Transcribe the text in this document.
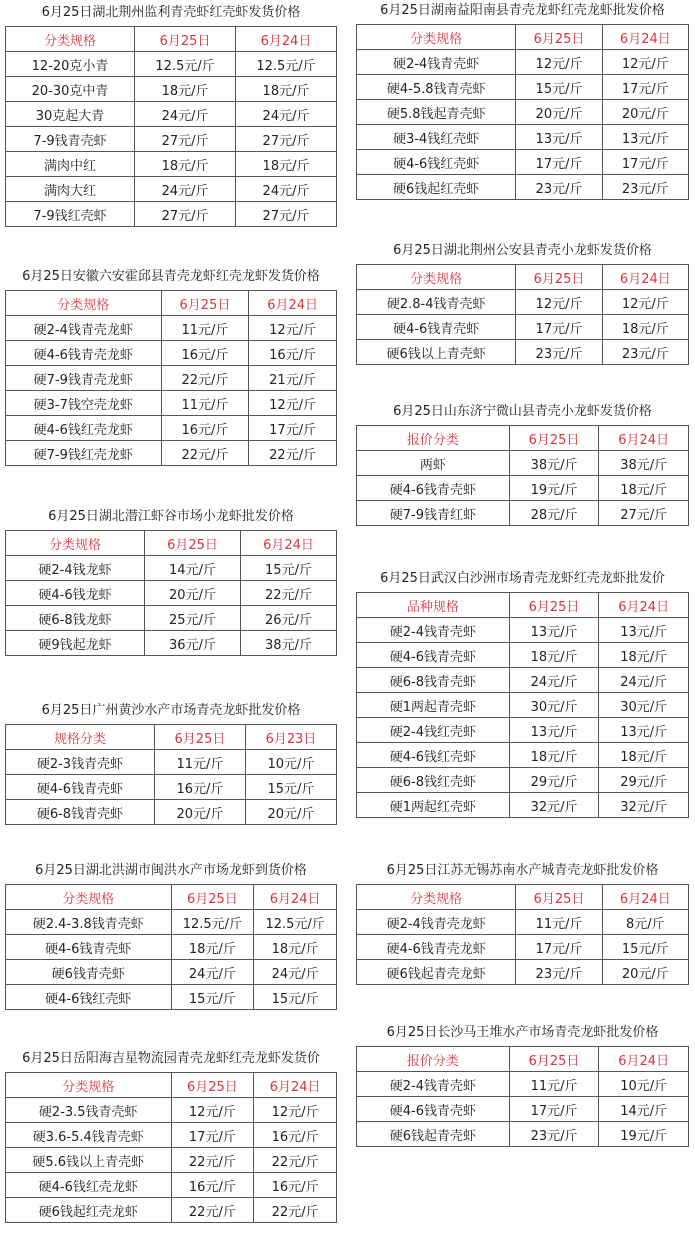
6月25日湖北荆州监利青壳虾红壳虾发货价格
分类规格	6月25日	6月24日
12-20克小青	12.5元/斤	12.5元/斤
20-30克中青	18元/斤	18元/斤
30克起大青	24元/斤	24元/斤
7-9钱青壳虾	27元/斤	27元/斤
满肉中红	18元/斤	18元/斤
满肉大红	24元/斤	24元/斤
7-9钱红壳虾	27元/斤	27元/斤
6月25日安徽六安霍邱县青壳龙虾红壳龙虾发货价格
分类规格	6月25日	6月24日
硬2-4钱青壳龙虾	11元/斤	12元/斤
硬4-6钱青壳龙虾	16元/斤	16元/斤
硬7-9钱青壳龙虾	22元/斤	21元/斤
硬3-7钱空壳龙虾	11元/斤	12元/斤
硬4-6钱红壳龙虾	16元/斤	17元/斤
硬7-9钱红壳龙虾	22元/斤	22元/斤
6月25日湖北潜江虾谷市场小龙虾批发价格
分类规格	6月25日	6月24日
硬2-4钱龙虾	14元/斤	15元/斤
硬4-6钱龙虾	20元/斤	22元/斤
硬6-8钱龙虾	25元/斤	26元/斤
硬9钱起龙虾	36元/斤	38元/斤
6月25日广州黄沙水产市场青壳龙虾批发价格
规格分类	6月25日	6月23日
硬2-3钱青壳虾	11元/斤	10元/斤
硬4-6钱青壳虾	16元/斤	15元/斤
硬6-8钱青壳虾	20元/斤	20元/斤
6月25日湖北洪湖市闽洪水产市场龙虾到货价格
分类规格	6月25日	6月24日
硬2.4-3.8钱青壳虾	12.5元/斤	12.5元/斤
硬4-6钱青壳虾	18元/斤	18元/斤
硬6钱青壳虾	24元/斤	24元/斤
硬4-6钱红壳虾	15元/斤	15元/斤
6月25日岳阳海吉星物流园青壳龙虾红壳龙虾发货价
分类规格	6月25日	6月24日
硬2-3.5钱青壳虾	12元/斤	12元/斤
硬3.6-5.4钱青壳虾	17元/斤	16元/斤
硬5.6钱以上青壳虾	22元/斤	22元/斤
硬4-6钱红壳龙虾	16元/斤	16元/斤
硬6钱起红壳龙虾	22元/斤	22元/斤
6月25日湖南益阳南县青壳龙虾红壳龙虾批发价格
分类规格	6月25日	6月24日
硬2-4钱青壳虾	12元/斤	12元/斤
硬4-5.8钱青壳虾	15元/斤	17元/斤
硬5.8钱起青壳虾	20元/斤	20元/斤
硬3-4钱红壳虾	13元/斤	13元/斤
硬4-6钱红壳虾	17元/斤	17元/斤
硬6钱起红壳虾	23元/斤	23元/斤
6月25日湖北荆州公安县青壳小龙虾发货价格
分类规格	6月25日	6月24日
硬2.8-4钱青壳虾	12元/斤	12元/斤
硬4-6钱青壳虾	17元/斤	18元/斤
硬6钱以上青壳虾	23元/斤	23元/斤
6月25日山东济宁微山县青壳小龙虾发货价格
报价分类	6月25日	6月24日
两虾	38元/斤	38元/斤
硬4-6钱青壳虾	19元/斤	18元/斤
硬7-9钱青红虾	28元/斤	27元/斤
6月25日武汉白沙洲市场青壳龙虾红壳龙虾批发价
品种规格	6月25日	6月24日
硬2-4钱青壳虾	13元/斤	13元/斤
硬4-6钱青壳虾	18元/斤	18元/斤
硬6-8钱青壳虾	24元/斤	24元/斤
硬1两起青壳虾	30元/斤	30元/斤
硬2-4钱红壳虾	13元/斤	13元/斤
硬4-6钱红壳虾	18元/斤	18元/斤
硬6-8钱红壳虾	29元/斤	29元/斤
硬1两起红壳虾	32元/斤	32元/斤
6月25日江苏无锡苏南水产城青壳龙虾批发价格
分类规格	6月25日	6月24日
硬2-4钱青壳龙虾	11元/斤	8元/斤
硬4-6钱青壳龙虾	17元/斤	15元/斤
硬6钱起青壳龙虾	23元/斤	20元/斤
6月25日长沙马王堆水产市场青壳龙虾批发价格
报价分类	6月25日	6月24日
硬2-4钱青壳虾	11元/斤	10元/斤
硬4-6钱青壳虾	17元/斤	14元/斤
硬6钱起青壳虾	23元/斤	19元/斤
